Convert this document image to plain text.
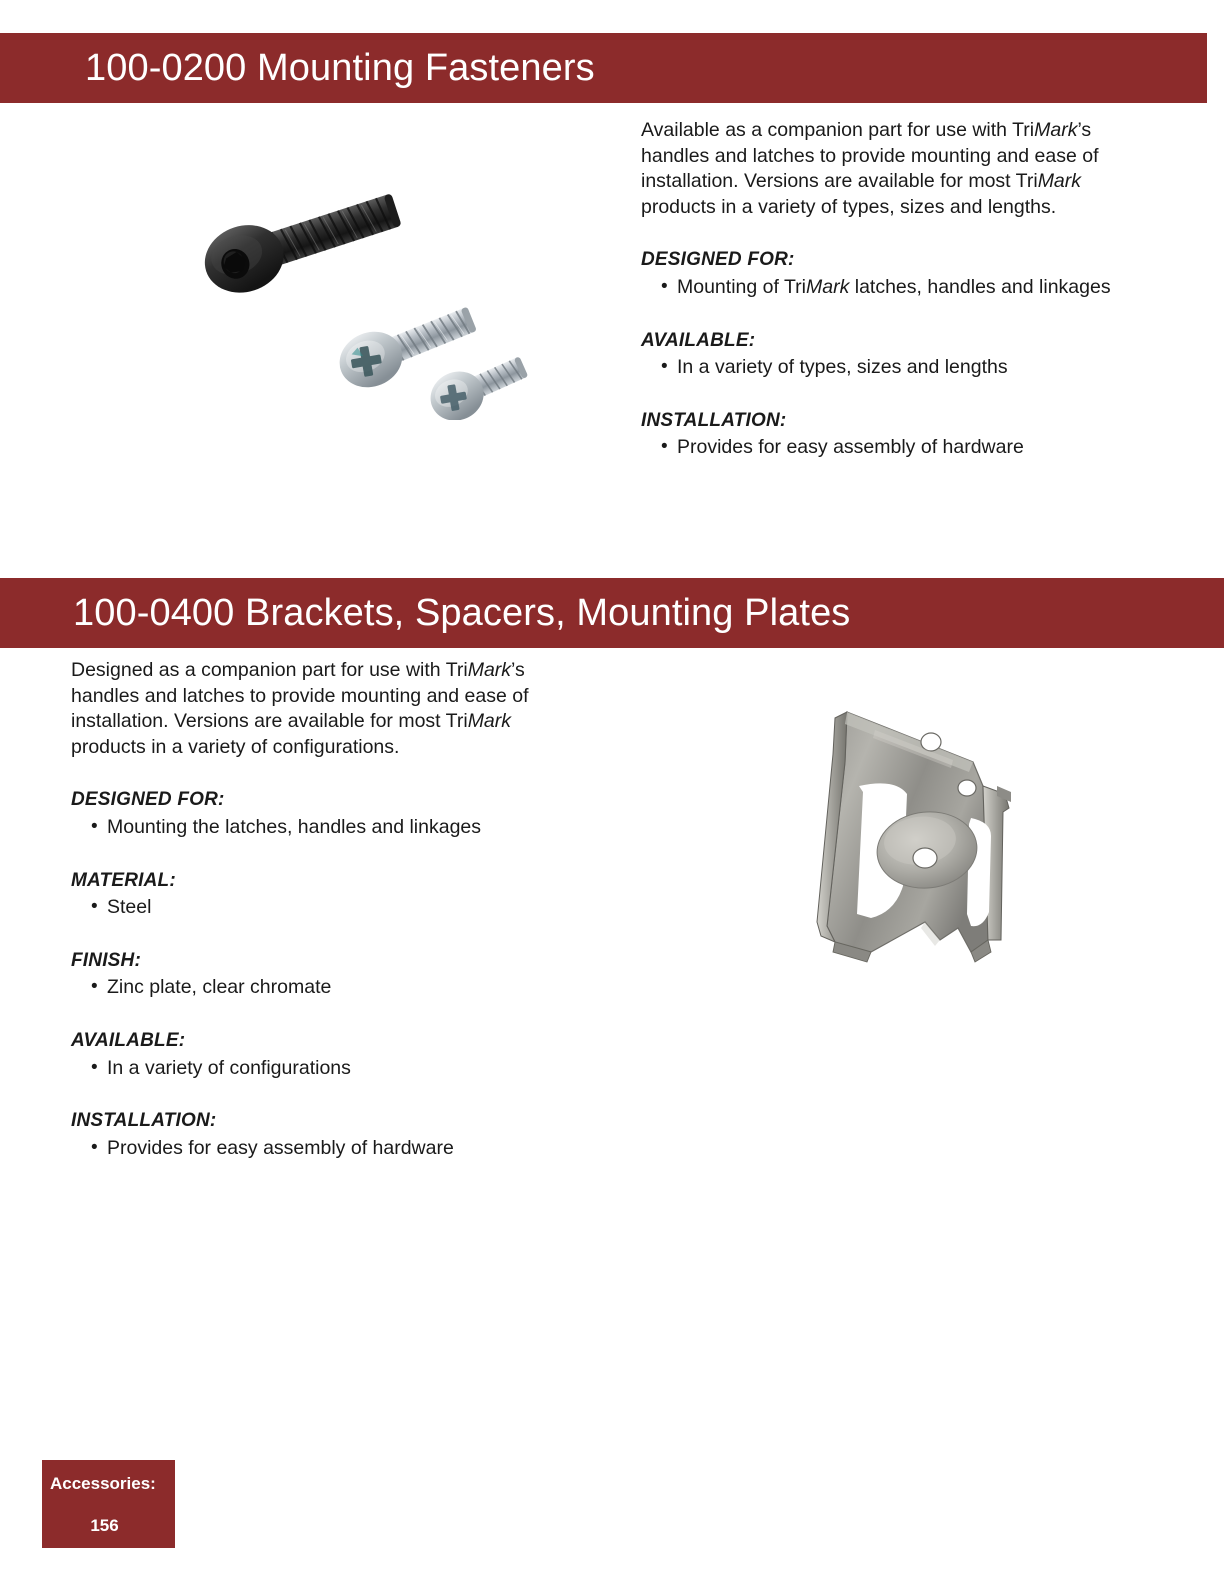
100-0200 Mounting Fasteners

Available as a companion part for use with TriMark’s handles and latches to provide mounting and ease of installation. Versions are available for most TriMark products in a variety of types, sizes and lengths.

DESIGNED FOR:
• Mounting of TriMark latches, handles and linkages
AVAILABLE:
• In a variety of types, sizes and lengths
INSTALLATION:
• Provides for easy assembly of hardware
100-0400 Brackets, Spacers, Mounting Plates

Designed as a companion part for use with TriMark’s handles and latches to provide mounting and ease of installation. Versions are available for most TriMark products in a variety of configurations.

DESIGNED FOR:
• Mounting the latches, handles and linkages
MATERIAL:
• Steel
FINISH:
• Zinc plate, clear chromate
AVAILABLE:
• In a variety of configurations
INSTALLATION:
• Provides for easy assembly of hardware
Accessories:
156
